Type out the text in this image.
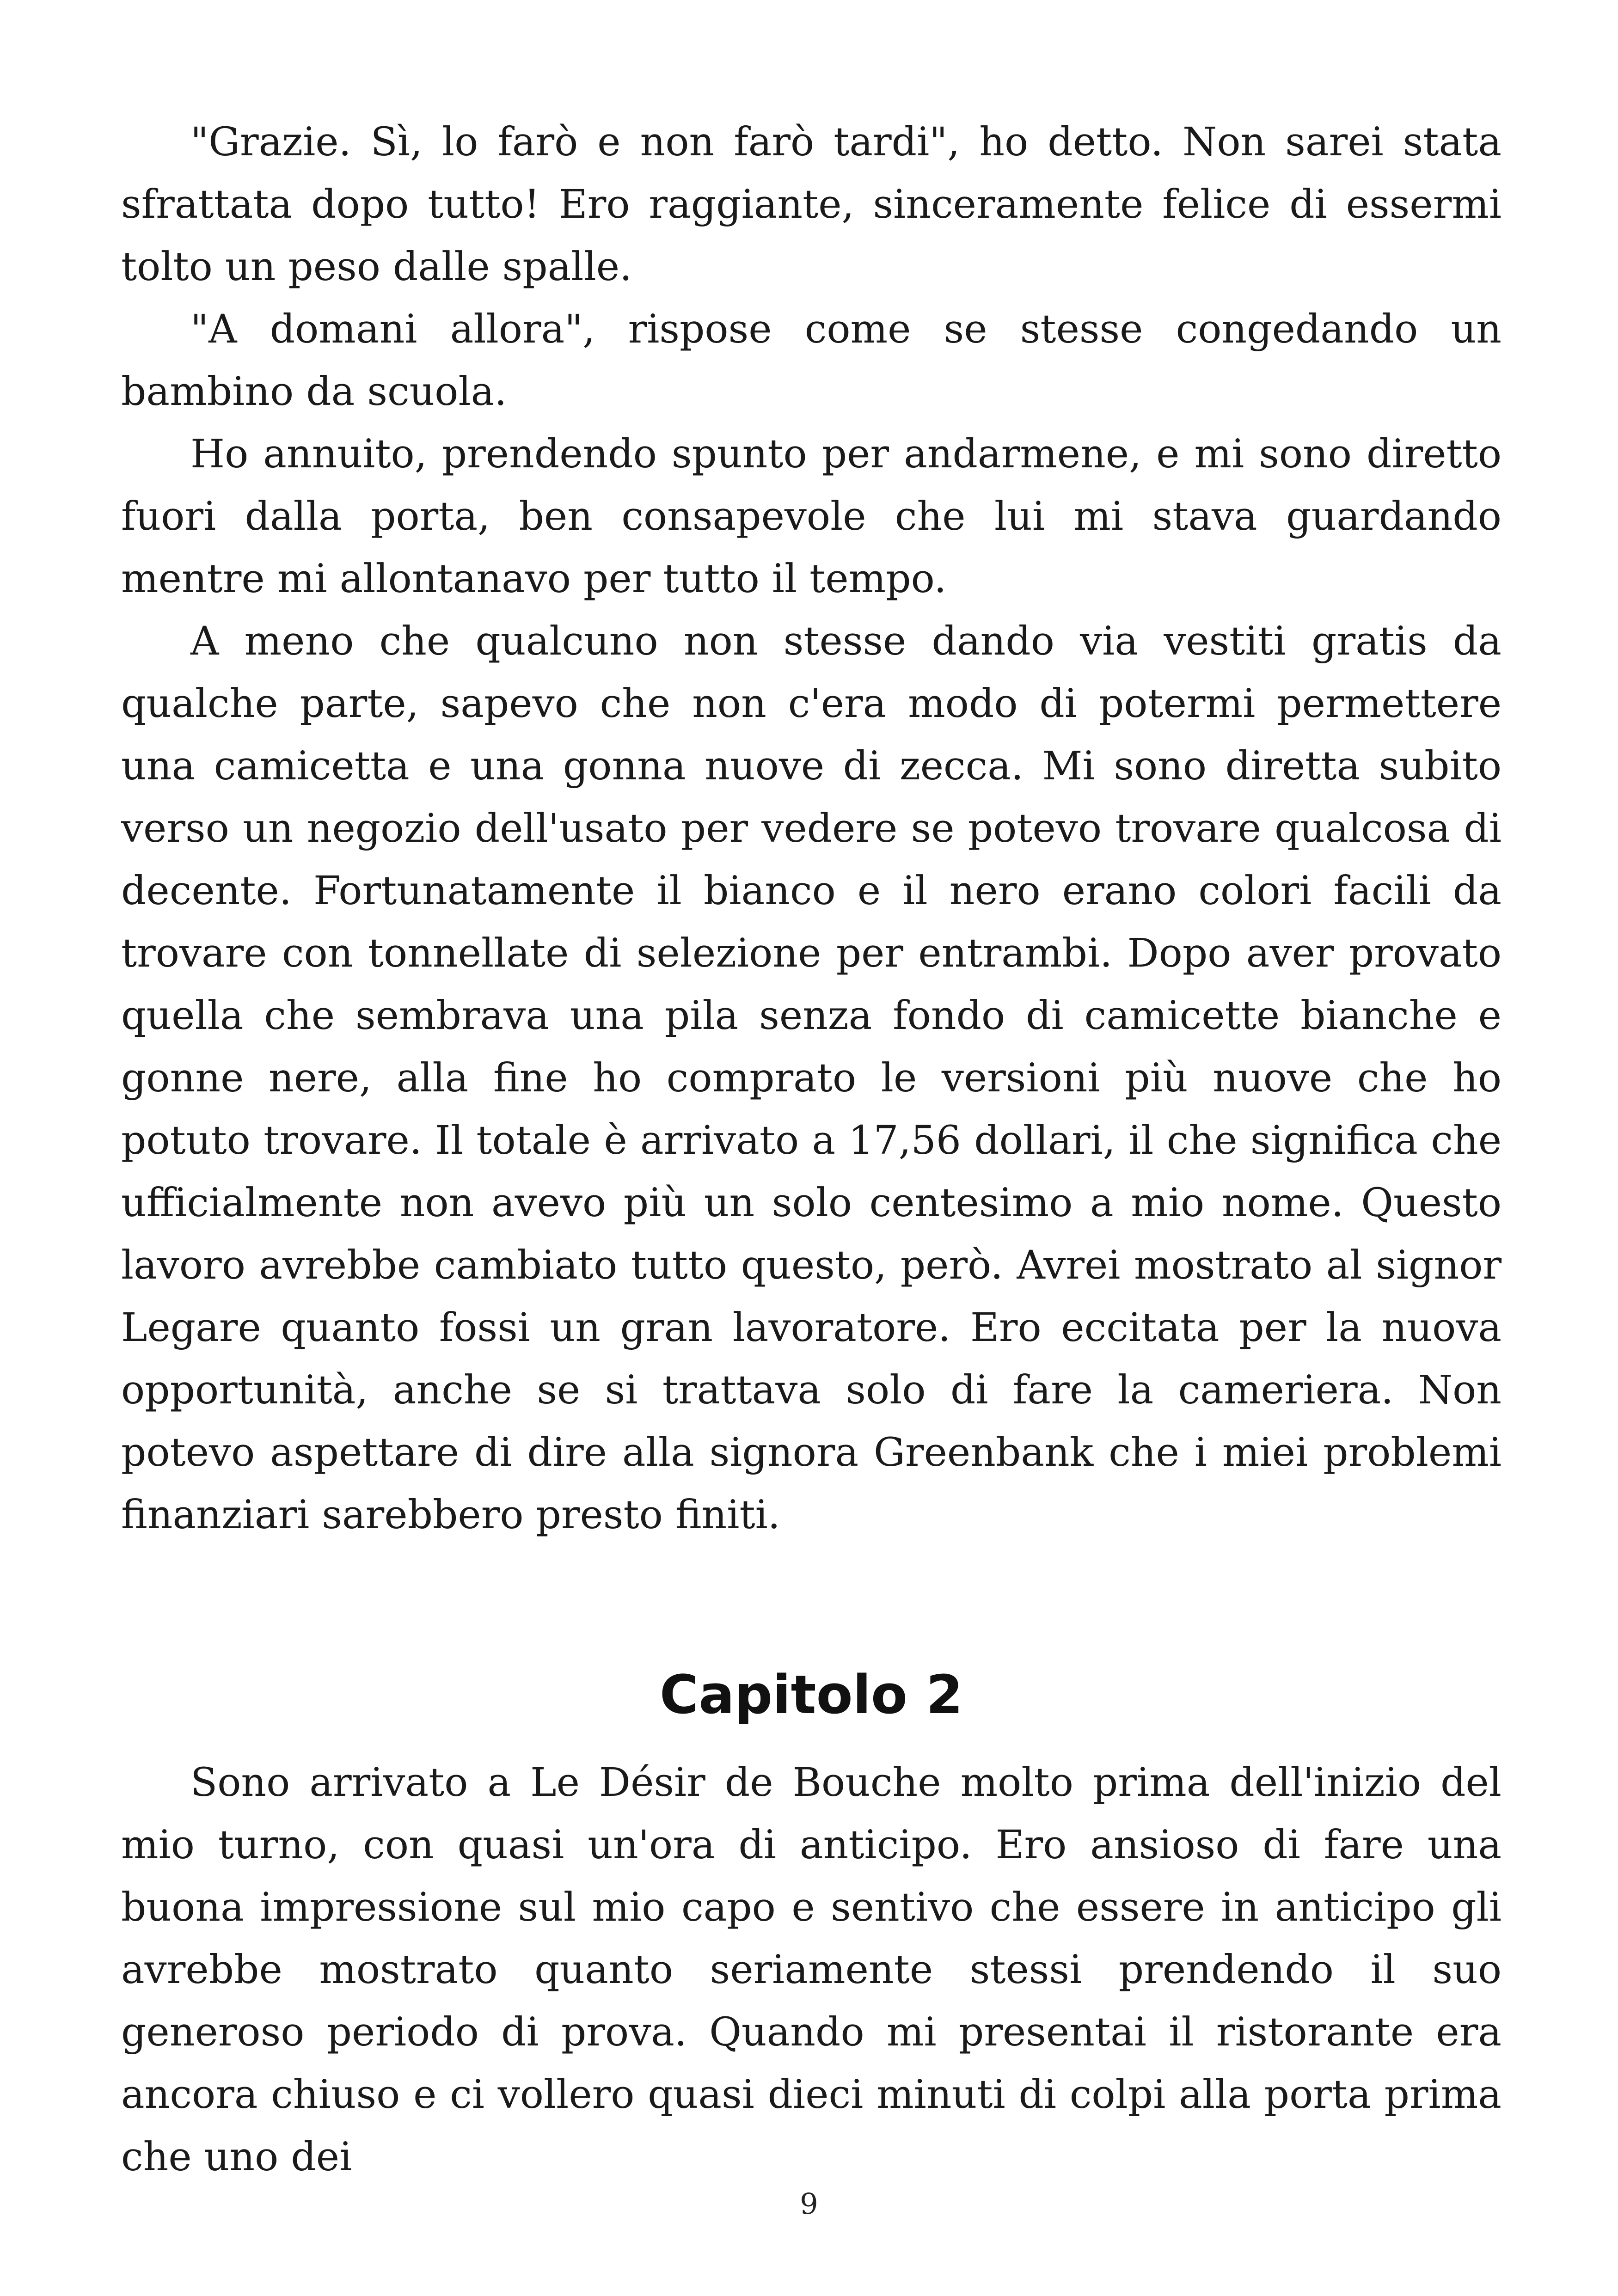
"Grazie. Sì, lo farò e non farò tardi", ho detto. Non sarei stata sfrattata dopo tutto! Ero raggiante, sinceramente felice di essermi tolto un peso dalle spalle.

"A domani allora", rispose come se stesse congedando un bambino da scuola.

Ho annuito, prendendo spunto per andarmene, e mi sono diretto fuori dalla porta, ben consapevole che lui mi stava guardando mentre mi allontanavo per tutto il tempo.

A meno che qualcuno non stesse dando via vestiti gratis da qualche parte, sapevo che non c'era modo di potermi permettere una camicetta e una gonna nuove di zecca. Mi sono diretta subito verso un negozio dell'usato per vedere se potevo trovare qualcosa di decente. Fortunatamente il bianco e il nero erano colori facili da trovare con tonnellate di selezione per entrambi. Dopo aver provato quella che sembrava una pila senza fondo di camicette bianche e gonne nere, alla fine ho comprato le versioni più nuove che ho potuto trovare. Il totale è arrivato a 17,56 dollari, il che significa che ufficialmente non avevo più un solo centesimo a mio nome. Questo lavoro avrebbe cambiato tutto questo, però. Avrei mostrato al signor Legare quanto fossi un gran lavoratore. Ero eccitata per la nuova opportunità, anche se si trattava solo di fare la cameriera. Non potevo aspettare di dire alla signora Greenbank che i miei problemi finanziari sarebbero presto finiti.

Capitolo 2

Sono arrivato a Le Désir de Bouche molto prima dell'inizio del mio turno, con quasi un'ora di anticipo. Ero ansioso di fare una buona impressione sul mio capo e sentivo che essere in anticipo gli avrebbe mostrato quanto seriamente stessi prendendo il suo generoso periodo di prova. Quando mi presentai il ristorante era ancora chiuso e ci vollero quasi dieci minuti di colpi alla porta prima che uno dei

9
